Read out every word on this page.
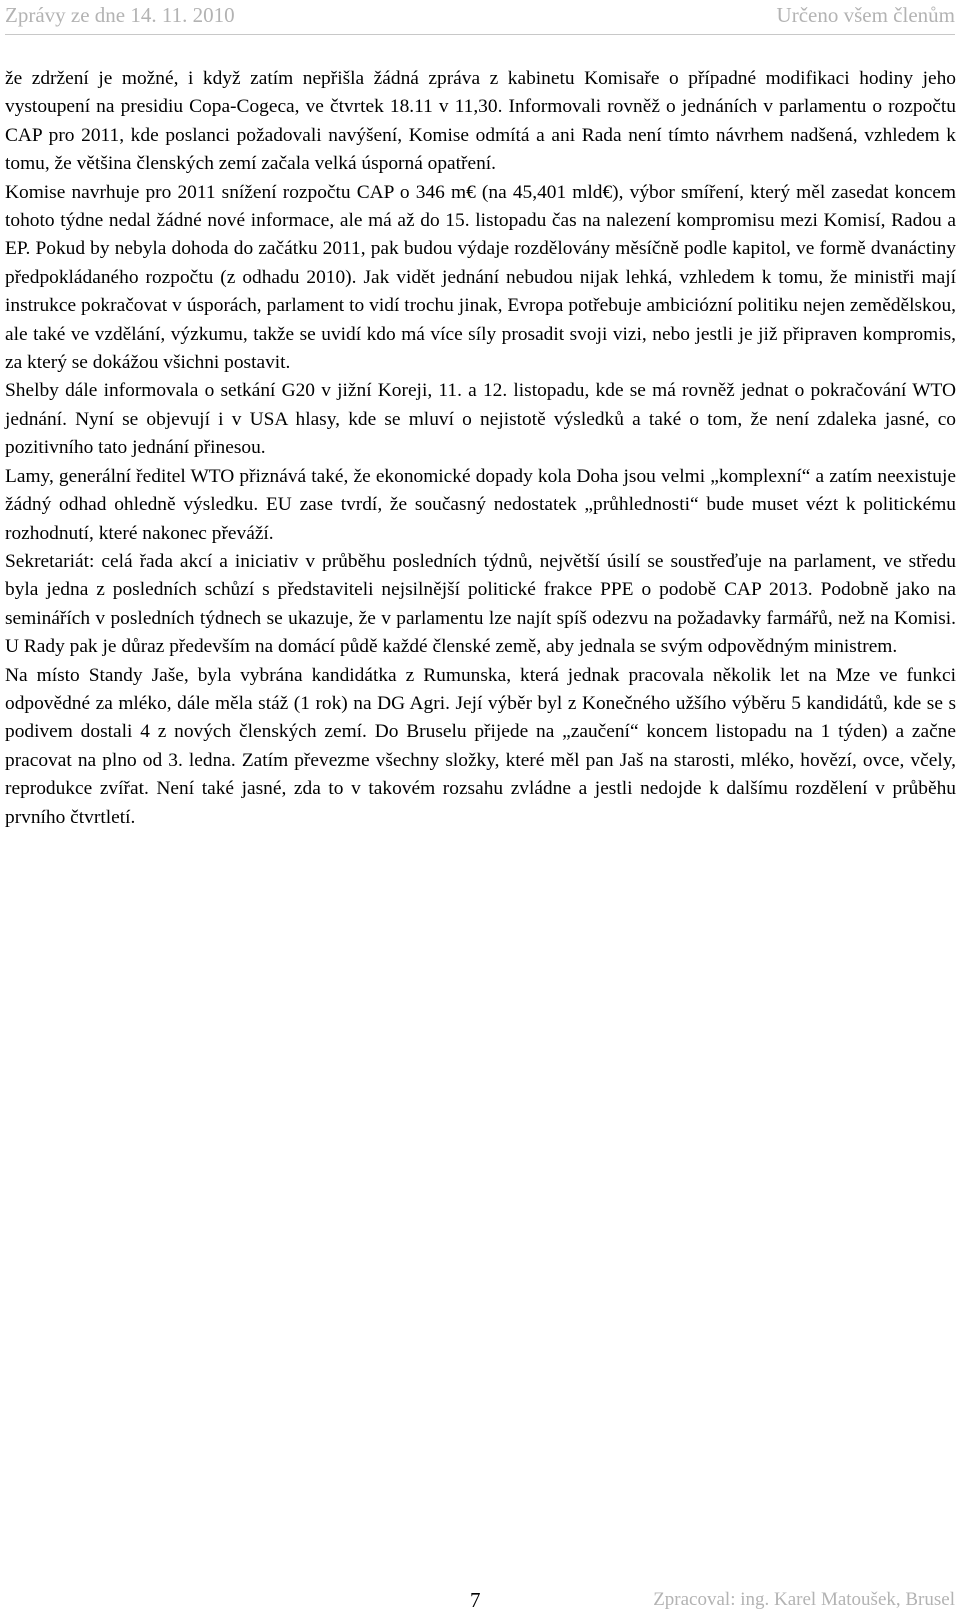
Zprávy ze dne 14. 11. 2010	Určeno všem členům

že zdržení je možné, i když zatím nepřišla žádná zpráva z kabinetu Komisaře o případné modifikaci hodiny jeho vystoupení na presidiu Copa-Cogeca, ve čtvrtek 18.11 v 11,30. Informovali rovněž o jednáních v parlamentu o rozpočtu CAP pro 2011, kde poslanci požadovali navýšení, Komise odmítá a ani Rada není tímto návrhem nadšená, vzhledem k tomu, že většina členských zemí začala velká úsporná opatření.

Komise navrhuje pro 2011 snížení rozpočtu CAP o 346 m€ (na 45,401 mld€), výbor smíření, který měl zasedat koncem tohoto týdne nedal žádné nové informace, ale má až do 15. listopadu čas na nalezení kompromisu mezi Komisí, Radou a EP. Pokud by nebyla dohoda do začátku 2011, pak budou výdaje rozdělovány měsíčně podle kapitol, ve formě dvanáctiny předpokládaného rozpočtu (z odhadu 2010). Jak vidět jednání nebudou nijak lehká, vzhledem k tomu, že ministři mají instrukce pokračovat v úsporách, parlament to vidí trochu jinak, Evropa potřebuje ambiciózní politiku nejen zemědělskou, ale také ve vzdělání, výzkumu, takže se uvidí kdo má více síly prosadit svoji vizi, nebo jestli je již připraven kompromis, za který se dokážou všichni postavit.

Shelby dále informovala o setkání G20 v jižní Koreji, 11. a 12. listopadu, kde se má rovněž jednat o pokračování WTO jednání. Nyní se objevují i v USA hlasy, kde se mluví o nejistotě výsledků a také o tom, že není zdaleka jasné, co pozitivního tato jednání přinesou.

Lamy, generální ředitel WTO přiznává také, že ekonomické dopady kola Doha jsou velmi „komplexní“ a zatím neexistuje žádný odhad ohledně výsledku. EU zase tvrdí, že současný nedostatek „průhlednosti“ bude muset vézt k politickému rozhodnutí, které nakonec převáží.

Sekretariát: celá řada akcí a iniciativ v průběhu posledních týdnů, největší úsilí se soustřeďuje na parlament, ve středu byla jedna z posledních schůzí s představiteli nejsilnější politické frakce PPE o podobě CAP 2013. Podobně jako na seminářích v posledních týdnech se ukazuje, že v parlamentu lze najít spíš odezvu na požadavky farmářů, než na Komisi. U Rady pak je důraz především na domácí půdě každé členské země, aby jednala se svým odpovědným ministrem.

Na místo Standy Jaše, byla vybrána kandidátka z Rumunska, která jednak pracovala několik let na Mze ve funkci odpovědné za mléko, dále měla stáž (1 rok) na DG Agri. Její výběr byl z Konečného užšího výběru 5 kandidátů, kde se s podivem dostali 4 z nových členských zemí. Do Bruselu přijede na „zaučení“ koncem listopadu na 1 týden) a začne pracovat na plno od 3. ledna. Zatím převezme všechny složky, které měl pan Jaš na starosti, mléko, hovězí, ovce, včely, reprodukce zvířat. Není také jasné, zda to v takovém rozsahu zvládne a jestli nedojde k dalšímu rozdělení v průběhu prvního čtvrtletí.

7	Zpracoval: ing. Karel Matoušek, Brusel
